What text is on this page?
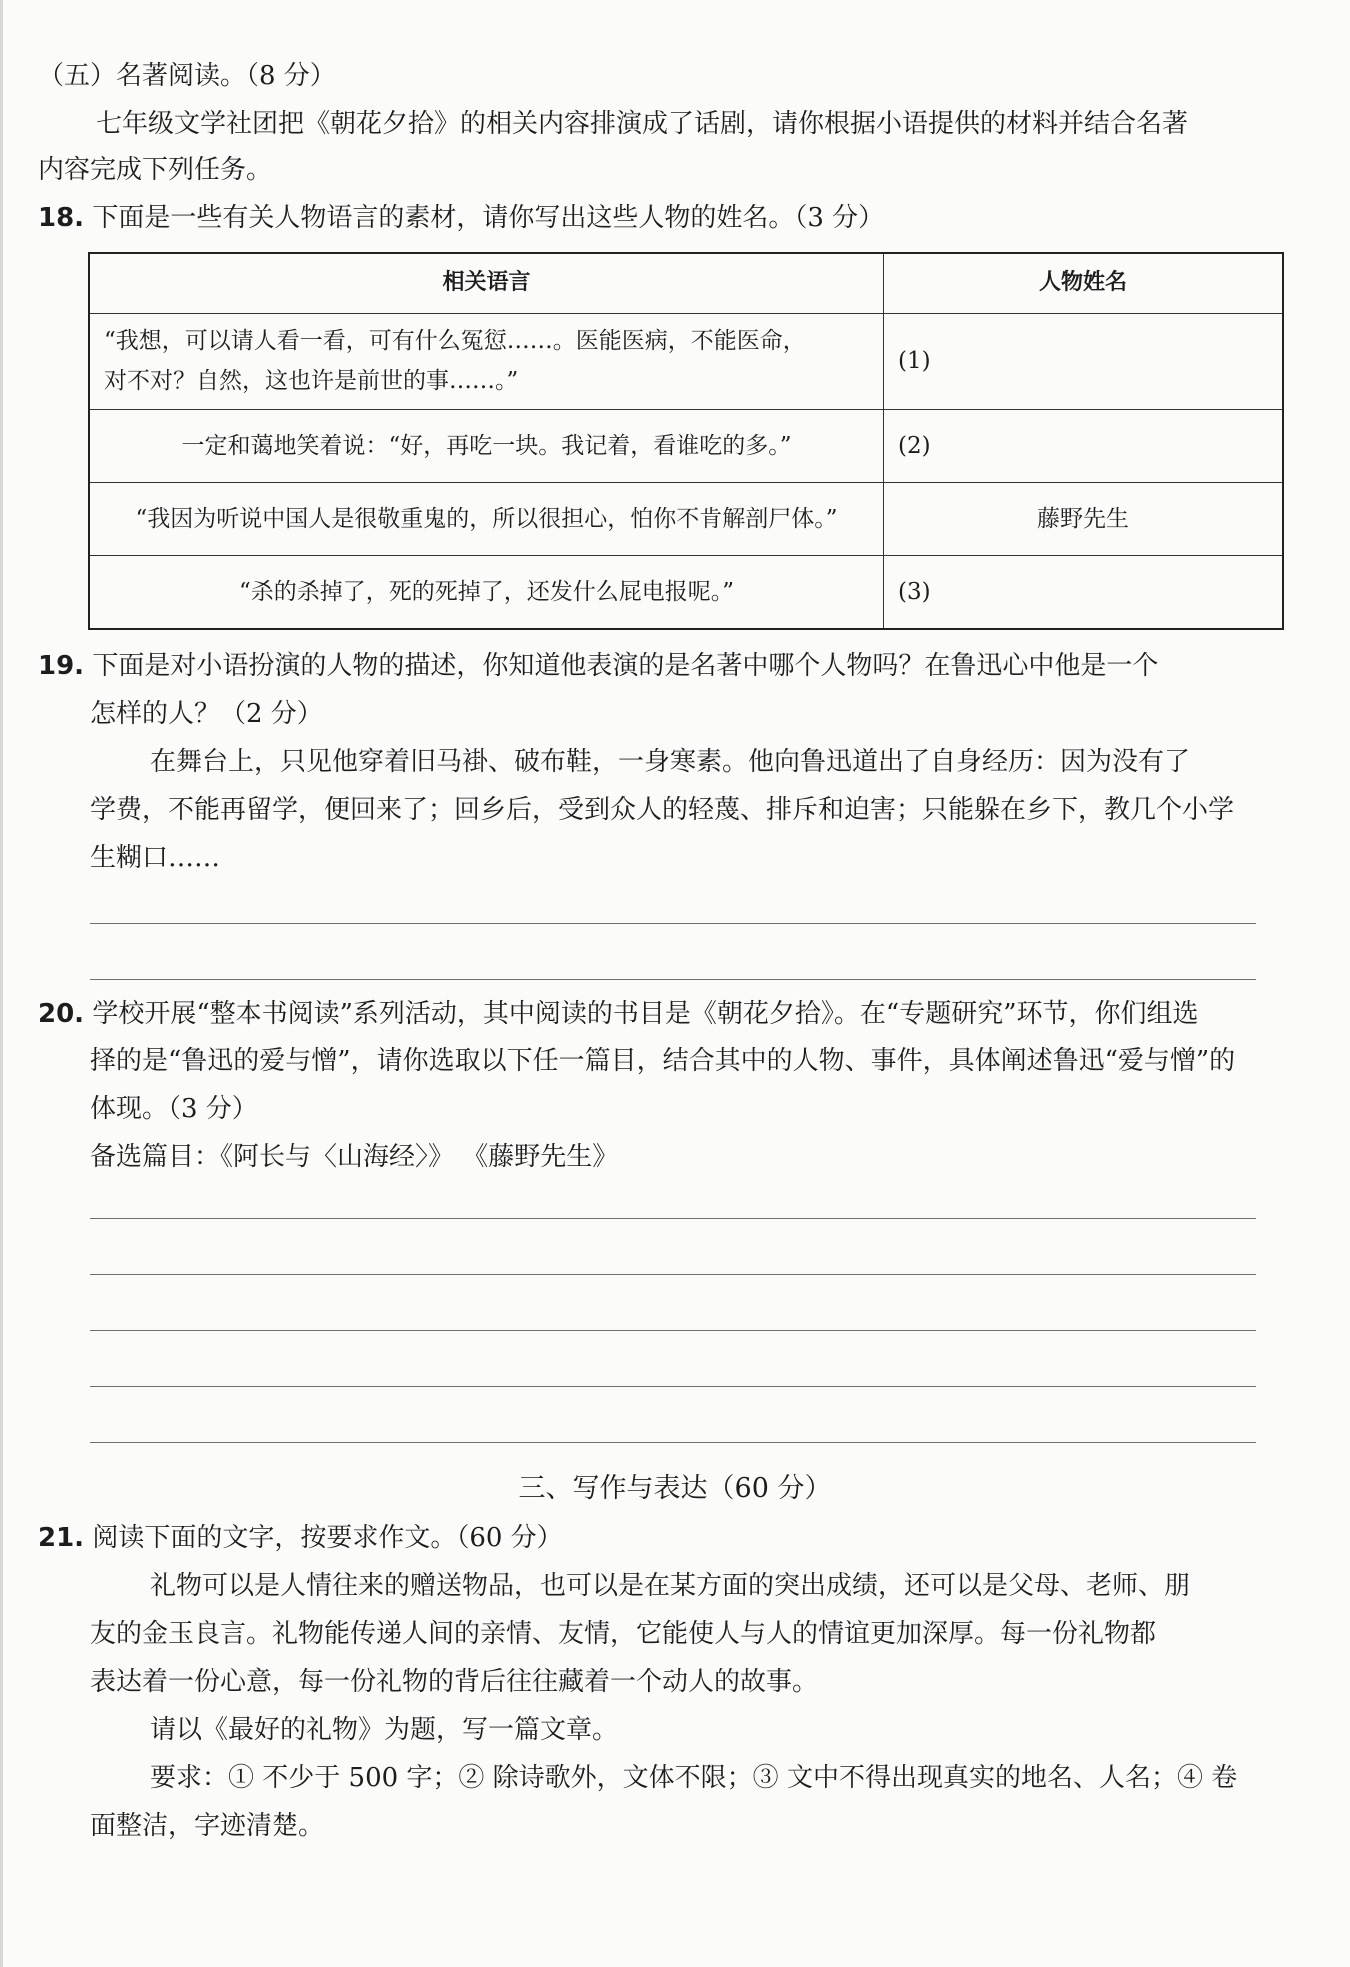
（五）名著阅读。（8 分）
七年级文学社团把《朝花夕拾》的相关内容排演成了话剧，请你根据小语提供的材料并结合名著
内容完成下列任务。
18. 下面是一些有关人物语言的素材，请你写出这些人物的姓名。（3 分）
相关语言	人物姓名

“我想，可以请人看一看，可有什么冤愆……。医能医病，不能医命，
对不对？自然，这也许是前世的事……。”	(1)
一定和蔼地笑着说：“好，再吃一块。我记着，看谁吃的多。”	(2)
“我因为听说中国人是很敬重鬼的，所以很担心，怕你不肯解剖尸体。”	藤野先生
“杀的杀掉了，死的死掉了，还发什么屁电报呢。”	(3)
19. 下面是对小语扮演的人物的描述，你知道他表演的是名著中哪个人物吗？在鲁迅心中他是一个
怎样的人？（2 分）
在舞台上，只见他穿着旧马褂、破布鞋，一身寒素。他向鲁迅道出了自身经历：因为没有了
学费，不能再留学，便回来了；回乡后，受到众人的轻蔑、排斥和迫害；只能躲在乡下，教几个小学
生糊口……
20. 学校开展“整本书阅读”系列活动，其中阅读的书目是《朝花夕拾》。在“专题研究”环节，你们组选
择的是“鲁迅的爱与憎”，请你选取以下任一篇目，结合其中的人物、事件，具体阐述鲁迅“爱与憎”的
体现。（3 分）
备选篇目：《阿长与〈山海经〉》 《藤野先生》
三、写作与表达（60 分）
21. 阅读下面的文字，按要求作文。（60 分）
礼物可以是人情往来的赠送物品，也可以是在某方面的突出成绩，还可以是父母、老师、朋
友的金玉良言。礼物能传递人间的亲情、友情，它能使人与人的情谊更加深厚。每一份礼物都
表达着一份心意，每一份礼物的背后往往藏着一个动人的故事。
请以《最好的礼物》为题，写一篇文章。
要求：① 不少于 500 字；② 除诗歌外，文体不限；③ 文中不得出现真实的地名、人名；④ 卷
面整洁，字迹清楚。
